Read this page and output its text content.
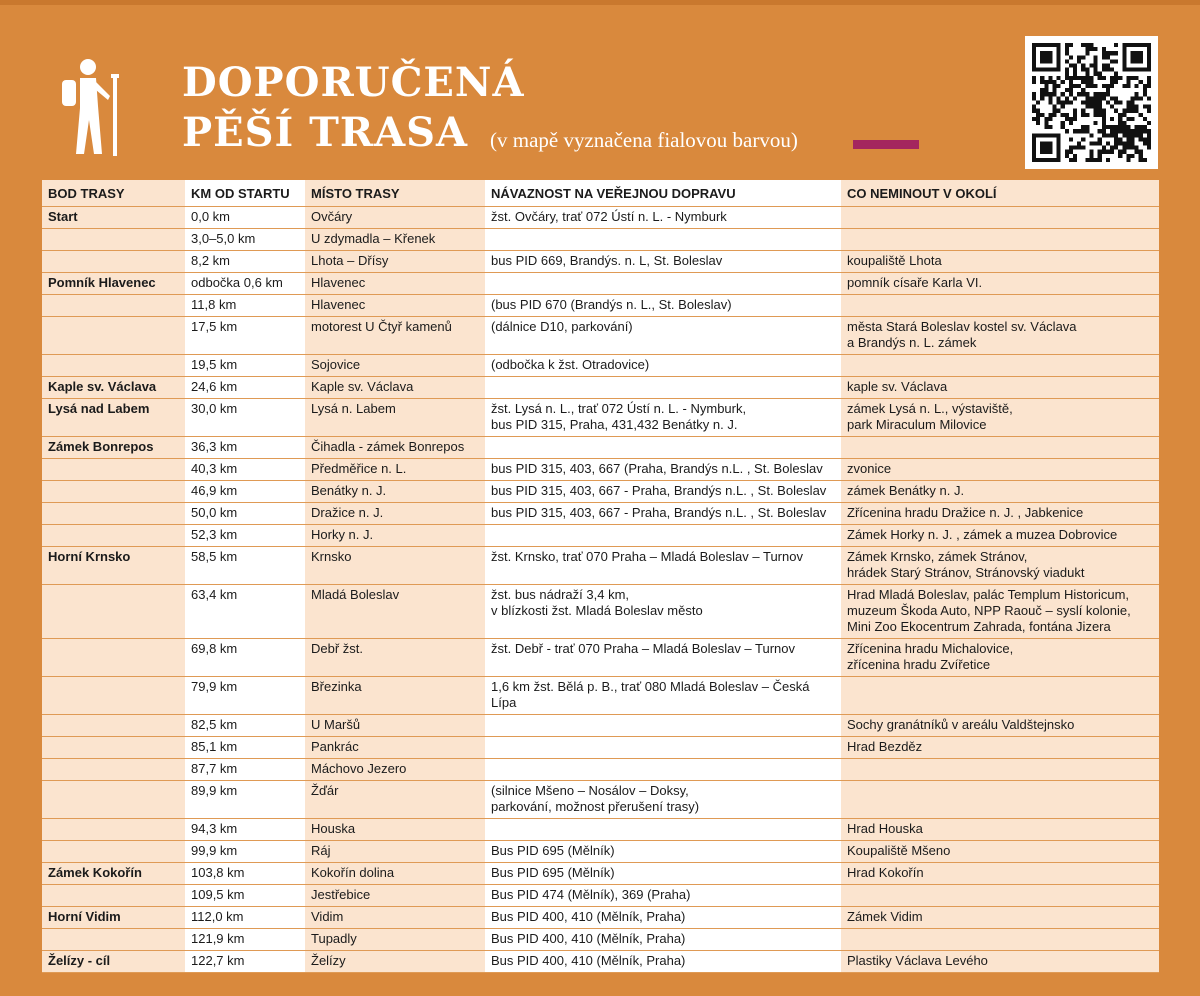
DOPORUČENÁ
PĚŠÍ TRASA	(v mapě vyznačena fialovou barvou)
BOD TRASY	KM OD STARTU	MÍSTO TRASY	NÁVAZNOST NA VEŘEJNOU DOPRAVU	CO NEMINOUT V OKOLÍ
Start	0,0 km	Ovčáry	žst. Ovčáry, trať 072 Ústí n. L. - Nymburk	
	3,0–5,0 km	U zdymadla – Křenek		
	8,2 km	Lhota – Dřísy	bus PID 669, Brandýs. n. L, St. Boleslav	koupaliště Lhota
Pomník Hlavenec	odbočka 0,6 km	Hlavenec		pomník císaře Karla VI.
	11,8 km	Hlavenec	(bus PID 670 (Brandýs n. L., St. Boleslav)	
	17,5 km	motorest U Čtyř kamenů	(dálnice D10, parkování)	města Stará Boleslav kostel sv. Václava
a Brandýs n. L. zámek
	19,5 km	Sojovice	(odbočka k žst. Otradovice)	
Kaple sv. Václava	24,6 km	Kaple sv. Václava		kaple sv. Václava
Lysá nad Labem	30,0 km	Lysá n. Labem	žst. Lysá n. L., trať 072 Ústí n. L. - Nymburk,
bus PID 315, Praha, 431,432 Benátky n. J.	zámek Lysá n. L., výstaviště,
park Miraculum Milovice
Zámek Bonrepos	36,3 km	Čihadla - zámek Bonrepos		
	40,3 km	Předměřice n. L.	bus PID 315, 403, 667 (Praha, Brandýs n.L. , St. Boleslav	zvonice
	46,9 km	Benátky n. J.	bus PID 315, 403, 667 - Praha, Brandýs n.L. , St. Boleslav	zámek Benátky n. J.
	50,0 km	Dražice n. J.	bus PID 315, 403, 667 - Praha, Brandýs n.L. , St. Boleslav	Zřícenina hradu Dražice n. J. , Jabkenice
	52,3 km	Horky n. J.		Zámek Horky n. J. , zámek a muzea Dobrovice
Horní Krnsko	58,5 km	Krnsko	žst. Krnsko, trať 070 Praha – Mladá Boleslav – Turnov	Zámek Krnsko, zámek Stránov,
hrádek Starý Stránov, Stránovský viadukt
	63,4 km	Mladá Boleslav	žst. bus nádraží 3,4 km,
v blízkosti žst. Mladá Boleslav město	Hrad Mladá Boleslav, palác Templum Historicum,
muzeum Škoda Auto, NPP Raouč – syslí kolonie,
Mini Zoo Ekocentrum Zahrada, fontána Jizera
	69,8 km	Debř žst.	žst. Debř - trať 070 Praha – Mladá Boleslav – Turnov	Zřícenina hradu Michalovice,
zřícenina hradu Zvířetice
	79,9 km	Březinka	1,6 km žst. Bělá p. B., trať 080 Mladá Boleslav – Česká Lípa	
	82,5 km	U Maršů		Sochy granátníků v areálu Valdštejnsko
	85,1 km	Pankrác		Hrad Bezděz
	87,7 km	Máchovo Jezero		
	89,9 km	Žďár	(silnice Mšeno – Nosálov – Doksy,
parkování, možnost přerušení trasy)	
	94,3 km	Houska		Hrad Houska
	99,9 km	Ráj	Bus PID 695 (Mělník)	Koupaliště Mšeno
Zámek Kokořín	103,8 km	Kokořín dolina	Bus PID 695 (Mělník)	Hrad Kokořín
	109,5 km	Jestřebice	Bus PID 474 (Mělník), 369 (Praha)	
Horní Vidim	112,0 km	Vidim	Bus PID 400, 410 (Mělník, Praha)	Zámek Vidim
	121,9 km	Tupadly	Bus PID 400, 410 (Mělník, Praha)	
Želízy - cíl	122,7 km	Želízy	Bus PID 400, 410 (Mělník, Praha)	Plastiky Václava Levého
